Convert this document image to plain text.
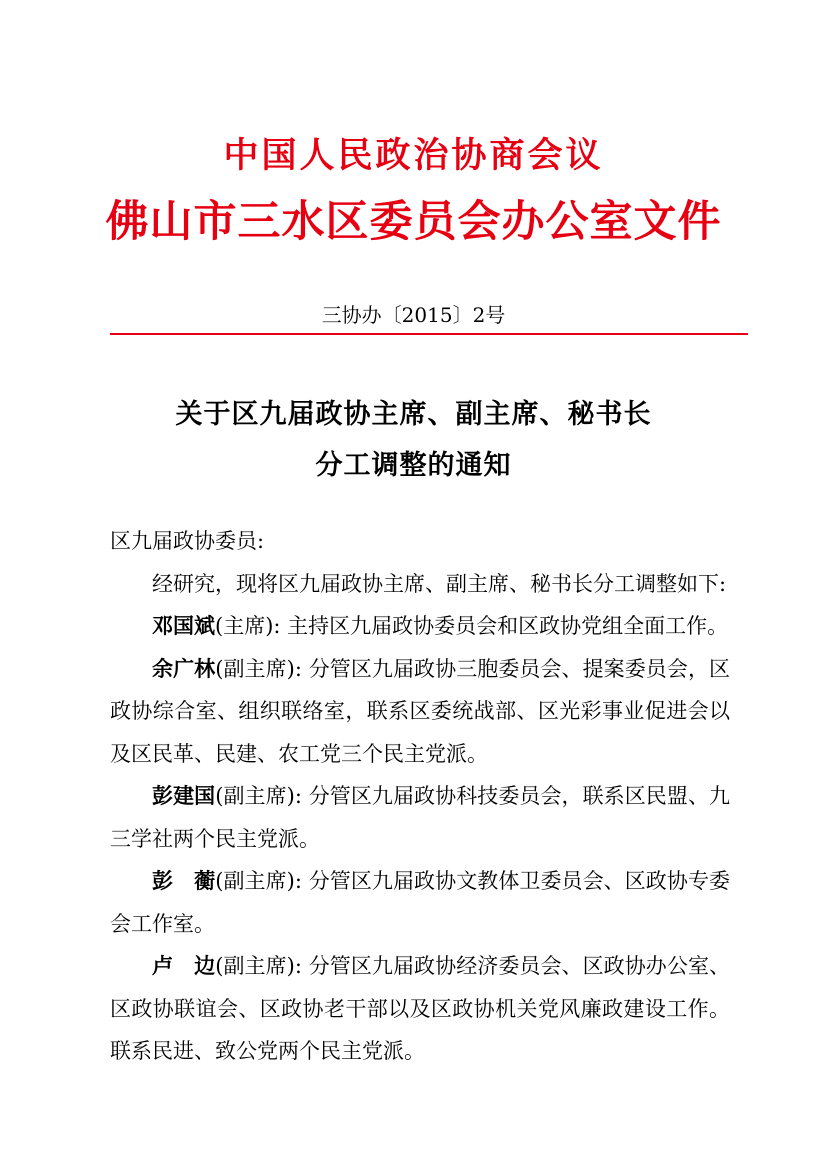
中国人民政治协商会议
佛山市三水区委员会办公室文件
三协办〔2015〕2号
关于区九届政协主席、副主席、秘书长
分工调整的通知

区九届政协委员:

经研究，现将区九届政协主席、副主席、秘书长分工调整如下:

邓国斌(主席): 主持区九届政协委员会和区政协党组全面工作。

余广林(副主席): 分管区九届政协三胞委员会、提案委员会，区政协综合室、组织联络室，联系区委统战部、区光彩事业促进会以及区民革、民建、农工党三个民主党派。

彭建国(副主席): 分管区九届政协科技委员会，联系区民盟、九三学社两个民主党派。

彭　蘅(副主席): 分管区九届政协文教体卫委员会、区政协专委会工作室。

卢　边(副主席): 分管区九届政协经济委员会、区政协办公室、区政协联谊会、区政协老干部以及区政协机关党风廉政建设工作。联系民进、致公党两个民主党派。
